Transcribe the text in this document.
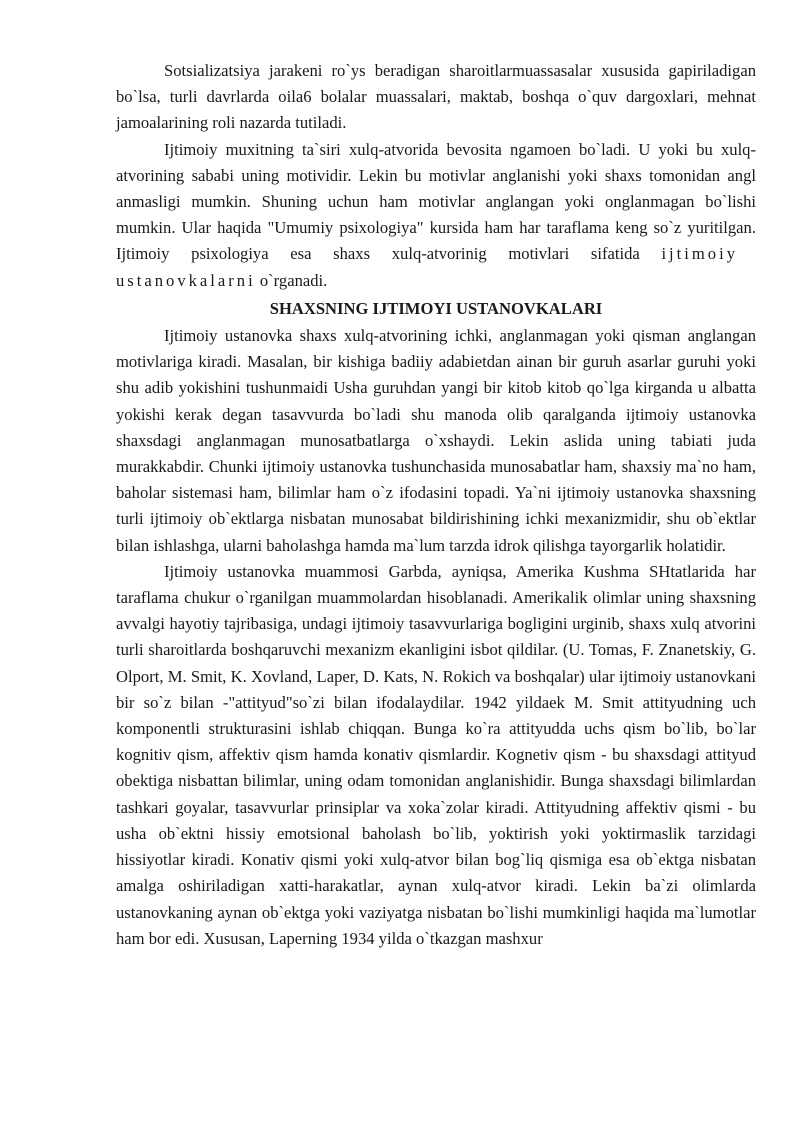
Sotsializatsiya jarakeni ro`ys beradigan sharoitlarmuassasalar xususida gapiriladigan bo`lsa, turli davrlarda oila6 bolalar muassalari, maktab, boshqa o`quv dargoxlari, mehnat jamoalarining roli nazarda tutiladi.

Ijtimoiy muxitning ta`siri xulq-atvorida bevosita ngamoen bo`ladi. U yoki bu xulq-atvorining sababi uning motividir. Lekin bu motivlar anglanishi yoki shaxs tomonidan angl anmasligi mumkin. Shuning uchun ham motivlar anglangan yoki onglanmagan bo`lishi mumkin. Ular haqida "Umumiy psixologiya" kursida ham har taraflama keng so`z yuritilgan. Ijtimoiy psixologiya esa shaxs xulq-atvorinig motivlari sifatida ijtimoiyustanovkalarni o`rganadi.

SHAXSNING IJTIMOYI USTANOVKALARI

Ijtimoiy ustanovka shaxs xulq-atvorining ichki, anglanmagan yoki qisman anglangan motivlariga kiradi. Masalan, bir kishiga badiiy adabietdan ainan bir guruh asarlar guruhi yoki shu adib yokishini tushunmaidi Usha guruhdan yangi bir kitob kitob qo`lga kirganda u albatta yokishi kerak degan tasavvurda bo`ladi shu manoda olib qaralganda ijtimoiy ustanovka shaxsdagi anglanmagan munosatbatlarga o`xshaydi. Lekin aslida uning tabiati juda murakkabdir. Chunki ijtimoiy ustanovka tushunchasida munosabatlar ham, shaxsiy ma`no ham, baholar sistemasi ham, bilimlar ham o`z ifodasini topadi. Ya`ni ijtimoiy ustanovka shaxsning turli ijtimoiy ob`ektlarga nisbatan munosabat bildirishining ichki mexanizmidir, shu ob`ektlar bilan ishlashga, ularni baholashga hamda ma`lum tarzda idrok qilishga tayorgarlik holatidir.

Ijtimoiy ustanovka muammosi Garbda, ayniqsa, Amerika Kushma SHtatlarida har taraflama chukur o`rganilgan muammolardan hisoblanadi. Amerikalik olimlar uning shaxsning avvalgi hayotiy tajribasiga, undagi ijtimoiy tasavvurlariga bogligini urginib, shaxs xulq atvorini turli sharoitlarda boshqaruvchi mexanizm ekanligini isbot qildilar. (U. Tomas, F. Znanetskiy, G. Olport, M. Smit, K. Xovland, Laper, D. Kats, N. Rokich va boshqalar) ular ijtimoiy ustanovkani bir so`z bilan -"attityud"so`zi bilan ifodalaydilar. 1942 yildaek M. Smit attityudning uch komponentli strukturasini ishlab chiqqan. Bunga ko`ra attityudda uchs qism bo`lib, bo`lar kognitiv qism, affektiv qism hamda konativ qismlardir. Kognetiv qism - bu shaxsdagi attityud obektiga nisbattan bilimlar, uning odam tomonidan anglanishidir. Bunga shaxsdagi bilimlardan tashkari goyalar, tasavvurlar prinsiplar va xoka`zolar kiradi. Attityudning affektiv qismi - bu usha ob`ektni hissiy emotsional baholash bo`lib, yoktirish yoki yoktirmaslik tarzidagi hissiyotlar kiradi. Konativ qismi yoki xulq-atvor bilan bog`liq qismiga esa ob`ektga nisbatan amalga oshiriladigan xatti-harakatlar, aynan xulq-atvor kiradi. Lekin ba`zi olimlarda ustanovkaning aynan ob`ektga yoki vaziyatga nisbatan bo`lishi mumkinligi haqida ma`lumotlar ham bor edi. Xususan, Laperning 1934 yilda o`tkazgan mashxur
